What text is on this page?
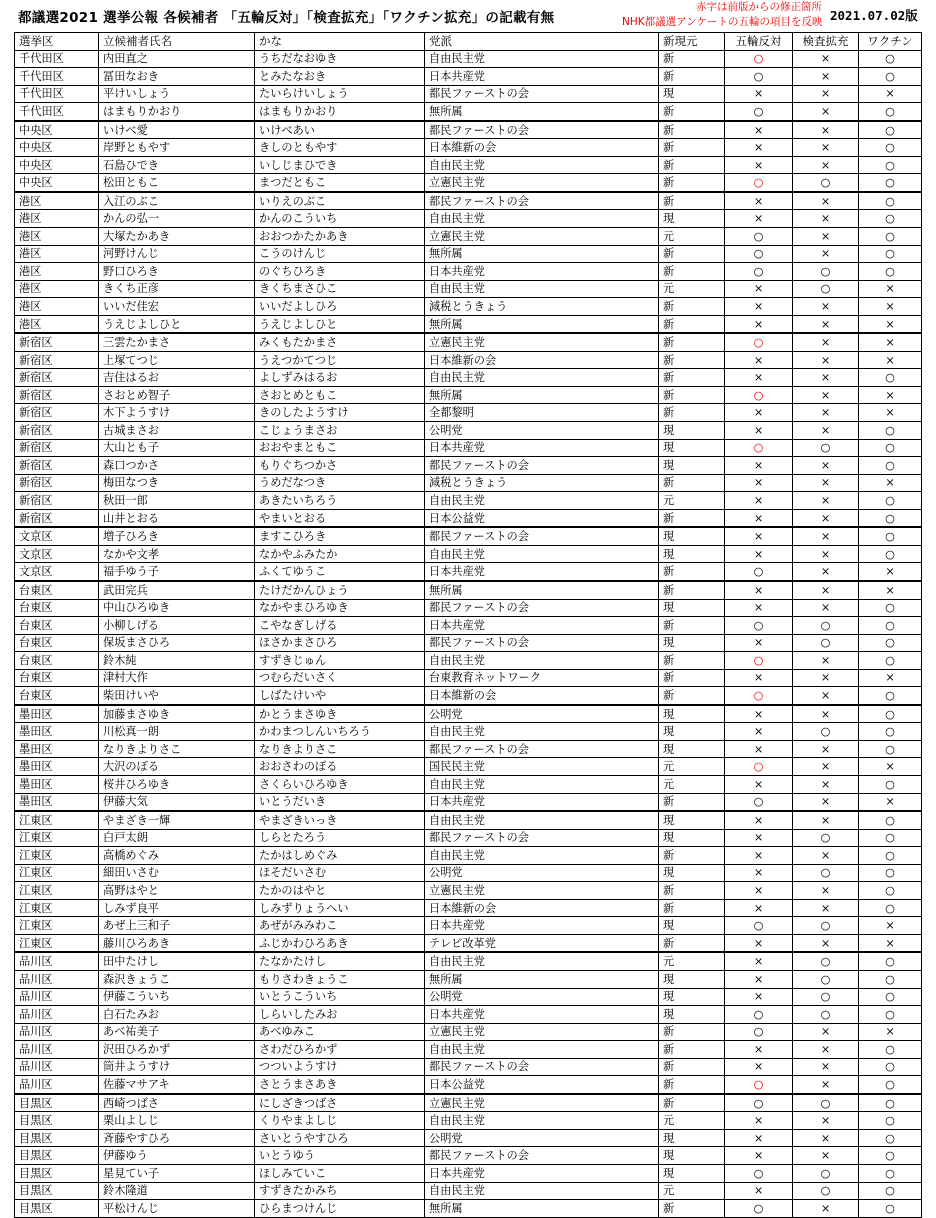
都議選2021 選挙公報 各候補者 「五輪反対」「検査拡充」「ワクチン拡充」の記載有無
赤字は前版からの修正箇所
NHK都議選アンケートの五輪の項目を反映 2021.07.02版
選挙区	立候補者氏名	かな	党派	新現元	五輪反対	検査拡充	ワクチン
千代田区	内田直之	うちだなおゆき	自由民主党	新	○	×	○
千代田区	冨田なおき	とみたなおき	日本共産党	新	○	×	○
千代田区	平けいしょう	たいらけいしょう	都民ファーストの会	現	×	×	×
千代田区	はまもりかおり	はまもりかおり	無所属	新	○	×	○
中央区	いけべ愛	いけべあい	都民ファーストの会	新	×	×	○
中央区	岸野ともやす	きしのともやす	日本維新の会	新	×	×	○
中央区	石島ひでき	いしじまひでき	自由民主党	新	×	×	○
中央区	松田ともこ	まつだともこ	立憲民主党	新	○	○	○
港区	入江のぶこ	いりえのぶこ	都民ファーストの会	新	×	×	○
港区	かんの弘一	かんのこういち	自由民主党	現	×	×	○
港区	大塚たかあき	おおつかたかあき	立憲民主党	元	○	×	○
港区	河野けんじ	こうのけんじ	無所属	新	○	×	○
港区	野口ひろき	のぐちひろき	日本共産党	新	○	○	○
港区	きくち正彦	きくちまさひこ	自由民主党	元	×	○	×
港区	いいだ佳宏	いいだよしひろ	減税とうきょう	新	×	×	×
港区	うえじよしひと	うえじよしひと	無所属	新	×	×	×
新宿区	三雲たかまさ	みくもたかまさ	立憲民主党	新	○	×	×
新宿区	上塚てつじ	うえつかてつじ	日本維新の会	新	×	×	×
新宿区	吉住はるお	よしずみはるお	自由民主党	新	×	×	○
新宿区	さおとめ智子	さおとめともこ	無所属	新	○	×	×
新宿区	木下ようすけ	きのしたようすけ	全都黎明	新	×	×	×
新宿区	古城まさお	こじょうまさお	公明党	現	×	×	○
新宿区	大山とも子	おおやまともこ	日本共産党	現	○	○	○
新宿区	森口つかさ	もりぐちつかさ	都民ファーストの会	現	×	×	○
新宿区	梅田なつき	うめだなつき	減税とうきょう	新	×	×	×
新宿区	秋田一郎	あきたいちろう	自由民主党	元	×	×	○
新宿区	山井とおる	やまいとおる	日本公益党	新	×	×	○
文京区	増子ひろき	ますこひろき	都民ファーストの会	現	×	×	○
文京区	なかや文孝	なかやふみたか	自由民主党	現	×	×	○
文京区	福手ゆう子	ふくてゆうこ	日本共産党	新	○	×	×
台東区	武田完兵	たけだかんひょう	無所属	新	×	×	×
台東区	中山ひろゆき	なかやまひろゆき	都民ファーストの会	現	×	×	○
台東区	小柳しげる	こやなぎしげる	日本共産党	新	○	○	○
台東区	保坂まさひろ	ほさかまさひろ	都民ファーストの会	現	×	○	○
台東区	鈴木純	すずきじゅん	自由民主党	新	○	×	○
台東区	津村大作	つむらだいさく	台東教育ネットワーク	新	×	×	×
台東区	柴田けいや	しばたけいや	日本維新の会	新	○	×	○
墨田区	加藤まさゆき	かとうまさゆき	公明党	現	×	×	○
墨田区	川松真一朗	かわまつしんいちろう	自由民主党	現	×	○	○
墨田区	なりきよりさこ	なりきよりさこ	都民ファーストの会	現	×	×	○
墨田区	大沢のぼる	おおさわのぼる	国民民主党	元	○	×	×
墨田区	桜井ひろゆき	さくらいひろゆき	自由民主党	元	×	×	○
墨田区	伊藤大気	いとうだいき	日本共産党	新	○	×	×
江東区	やまざき一輝	やまざきいっき	自由民主党	現	×	×	○
江東区	白戸太朗	しらとたろう	都民ファーストの会	現	×	○	○
江東区	高橋めぐみ	たかはしめぐみ	自由民主党	新	×	×	○
江東区	細田いさむ	ほそだいさむ	公明党	現	×	○	○
江東区	高野はやと	たかのはやと	立憲民主党	新	×	×	○
江東区	しみず良平	しみずりょうへい	日本維新の会	新	×	×	○
江東区	あぜ上三和子	あぜがみみわこ	日本共産党	現	○	○	×
江東区	藤川ひろあき	ふじかわひろあき	テレビ改革党	新	×	×	×
品川区	田中たけし	たなかたけし	自由民主党	元	×	○	○
品川区	森沢きょうこ	もりさわきょうこ	無所属	現	×	○	○
品川区	伊藤こういち	いとうこういち	公明党	現	×	○	○
品川区	白石たみお	しらいしたみお	日本共産党	現	○	○	○
品川区	あべ祐美子	あべゆみこ	立憲民主党	新	○	×	×
品川区	沢田ひろかず	さわだひろかず	自由民主党	新	×	×	○
品川区	筒井ようすけ	つついようすけ	都民ファーストの会	新	×	×	○
品川区	佐藤マサアキ	さとうまさあき	日本公益党	新	○	×	○
目黒区	西崎つばさ	にしざきつばさ	立憲民主党	新	○	○	○
目黒区	栗山よしじ	くりやまよしじ	自由民主党	元	×	×	○
目黒区	斉藤やすひろ	さいとうやすひろ	公明党	現	×	×	○
目黒区	伊藤ゆう	いとうゆう	都民ファーストの会	現	×	×	○
目黒区	星見てい子	ほしみていこ	日本共産党	現	○	○	○
目黒区	鈴木隆道	すずきたかみち	自由民主党	元	×	○	○
目黒区	平松けんじ	ひらまつけんじ	無所属	新	○	×	○
